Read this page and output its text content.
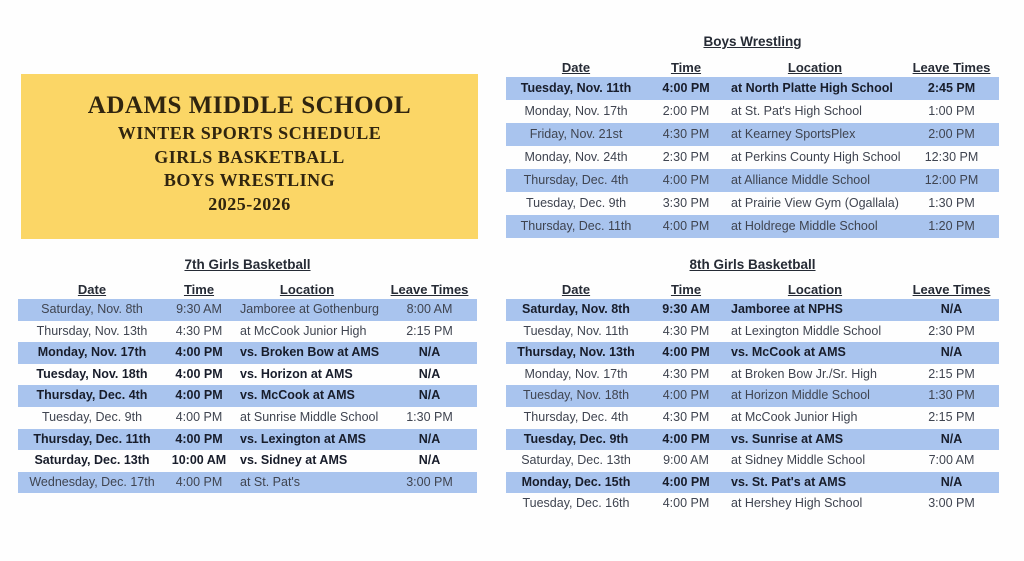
ADAMS MIDDLE SCHOOL
WINTER SPORTS SCHEDULE
GIRLS BASKETBALL
BOYS WRESTLING
2025-2026
Boys Wrestling
Date	Time	Location	Leave Times
Tuesday, Nov. 11th	4:00 PM	at North Platte High School	2:45 PM
Monday, Nov. 17th	2:00 PM	at St. Pat's High School	1:00 PM
Friday, Nov. 21st	4:30 PM	at Kearney SportsPlex	2:00 PM
Monday, Nov. 24th	2:30 PM	at Perkins County High School	12:30 PM
Thursday, Dec. 4th	4:00 PM	at Alliance Middle School	12:00 PM
Tuesday, Dec. 9th	3:30 PM	at Prairie View Gym (Ogallala)	1:30 PM
Thursday, Dec. 11th	4:00 PM	at Holdrege Middle School	1:20 PM
7th Girls Basketball
Date	Time	Location	Leave Times
Saturday, Nov. 8th	9:30 AM	Jamboree at Gothenburg	8:00 AM
Thursday, Nov. 13th	4:30 PM	at McCook Junior High	2:15 PM
Monday, Nov. 17th	4:00 PM	vs. Broken Bow at AMS	N/A
Tuesday, Nov. 18th	4:00 PM	vs. Horizon at AMS	N/A
Thursday, Dec. 4th	4:00 PM	vs. McCook at AMS	N/A
Tuesday, Dec. 9th	4:00 PM	at Sunrise Middle School	1:30 PM
Thursday, Dec. 11th	4:00 PM	vs. Lexington at AMS	N/A
Saturday, Dec. 13th	10:00 AM	vs. Sidney at AMS	N/A
Wednesday, Dec. 17th	4:00 PM	at St. Pat's	3:00 PM
8th Girls Basketball
Date	Time	Location	Leave Times
Saturday, Nov. 8th	9:30 AM	Jamboree at NPHS	N/A
Tuesday, Nov. 11th	4:30 PM	at Lexington Middle School	2:30 PM
Thursday, Nov. 13th	4:00 PM	vs. McCook at AMS	N/A
Monday, Nov. 17th	4:30 PM	at Broken Bow Jr./Sr. High	2:15 PM
Tuesday, Nov. 18th	4:00 PM	at Horizon Middle School	1:30 PM
Thursday, Dec. 4th	4:30 PM	at McCook Junior High	2:15 PM
Tuesday, Dec. 9th	4:00 PM	vs. Sunrise at AMS	N/A
Saturday, Dec. 13th	9:00 AM	at Sidney Middle School	7:00 AM
Monday, Dec. 15th	4:00 PM	vs. St. Pat's at AMS	N/A
Tuesday, Dec. 16th	4:00 PM	at Hershey High School	3:00 PM
